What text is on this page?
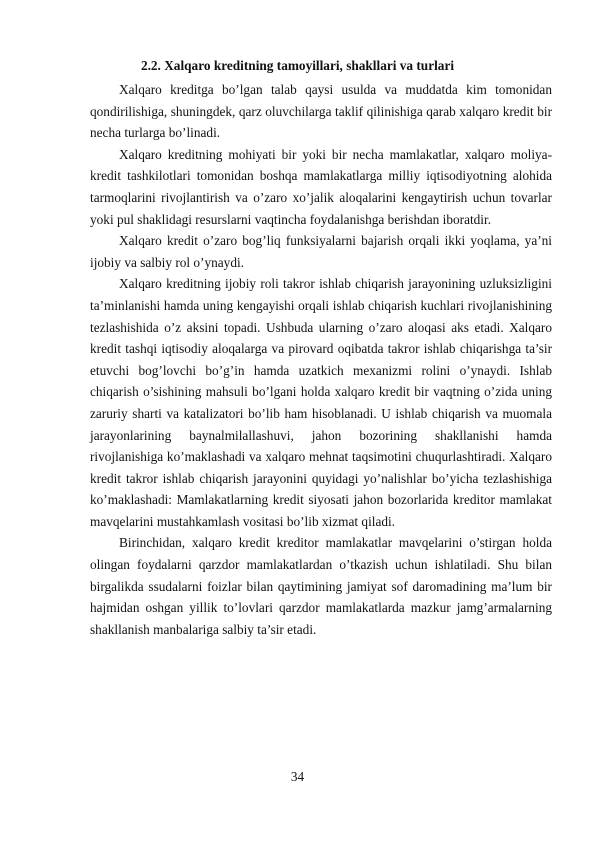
2.2. Xalqaro kreditning tamoyillari, shakllari va turlari

Xalqaro kreditga bo’lgan talab qaysi usulda va muddatda kim tomonidan qondirilishiga, shuningdek, qarz oluvchilarga taklif qilinishiga qarab xalqaro kredit bir necha turlarga bo’linadi.

Xalqaro kreditning mohiyati bir yoki bir necha mamlakatlar, xalqaro moliya-kredit tashkilotlari tomonidan boshqa mamlakatlarga milliy iqtisodiyotning alohida tarmoqlarini rivojlantirish va o’zaro xo’jalik aloqalarini kengaytirish uchun tovarlar yoki pul shaklidagi resurslarni vaqtincha foydalanishga berishdan iboratdir.

Xalqaro kredit o’zaro bog’liq funksiyalarni bajarish orqali ikki yoqlama, ya’ni ijobiy va salbiy rol o’ynaydi.

Xalqaro kreditning ijobiy roli takror ishlab chiqarish jarayonining uzluksizligini ta’minlanishi hamda uning kengayishi orqali ishlab chiqarish kuchlari rivojlanishining tezlashishida o’z aksini topadi. Ushbuda ularning o’zaro aloqasi aks etadi. Xalqaro kredit tashqi iqtisodiy aloqalarga va pirovard oqibatda takror ishlab chiqarishga ta’sir etuvchi bog’lovchi bo’g’in hamda uzatkich mexanizmi rolini o’ynaydi. Ishlab chiqarish o’sishining mahsuli bo’lgani holda xalqaro kredit bir vaqtning o’zida uning zaruriy sharti va katalizatori bo’lib ham hisoblanadi. U ishlab chiqarish va muomala jarayonlarining baynalmilallashuvi, jahon bozorining shakllanishi hamda rivojlanishiga ko’maklashadi va xalqaro mehnat taqsimotini chuqurlashtiradi. Xalqaro kredit takror ishlab chiqarish jarayonini quyidagi yo’nalishlar bo’yicha tezlashishiga ko’maklashadi: Mamlakatlarning kredit siyosati jahon bozorlarida kreditor mamlakat mavqelarini mustahkamlash vositasi bo’lib xizmat qiladi.

Birinchidan, xalqaro kredit kreditor mamlakatlar mavqelarini o’stirgan holda olingan foydalarni qarzdor mamlakatlardan o’tkazish uchun ishlatiladi. Shu bilan birgalikda ssudalarni foizlar bilan qaytimining jamiyat sof daromadining ma’lum bir hajmidan oshgan yillik to’lovlari qarzdor mamlakatlarda mazkur jamg’armalarning shakllanish manbalariga salbiy ta’sir etadi.

34
